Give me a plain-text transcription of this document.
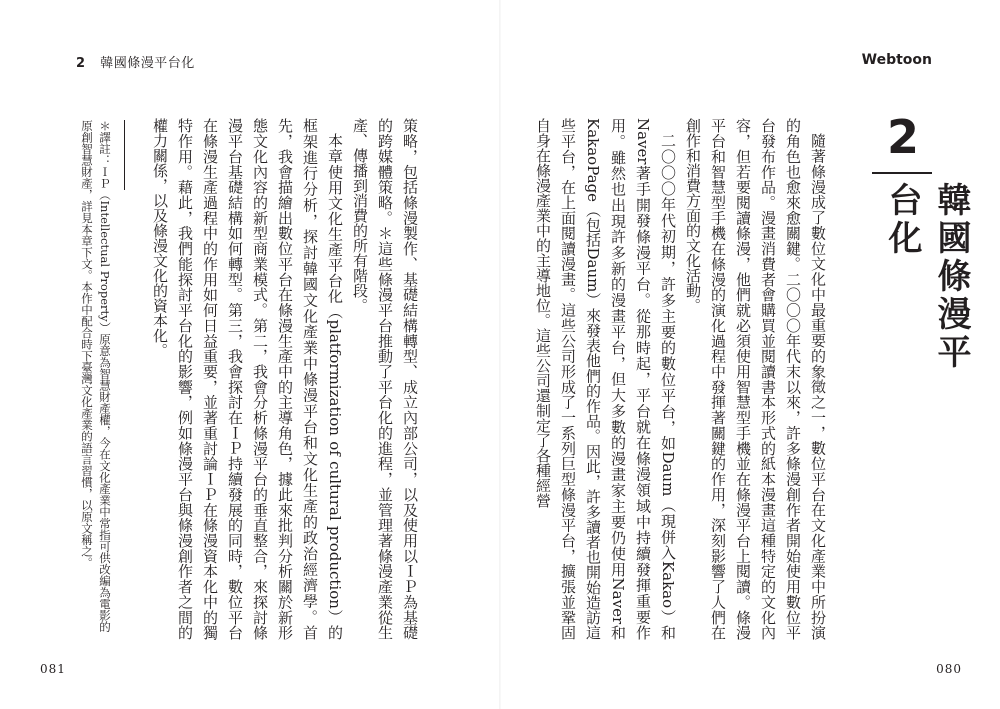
2 韓國條漫平台化
＊譯註：ＩＰ（Intellectual Property）原意為智慧財產權，今在文化產業中常指可供改編為電影的原創智慧財產，詳見本章下文。本作中配合時下臺灣文化產業的語言習慣，以原文稱之。	策略，包括條漫製作、基礎結構轉型、成立內部公司，以及使用以ＩＰ為基礎的跨媒體策略。＊這些條漫平台推動了平台化的進程，並管理著條漫產業從生產、傳播到消費的所有階段。

本章使用文化生產平台化（platformization of cultural production）的框架進行分析，探討韓國文化產業中條漫平台和文化生產的政治經濟學。首先，我會描繪出數位平台在條漫生產中的主導角色，據此來批判分析關於新形態文化內容的新型商業模式。第二，我會分析條漫平台的垂直整合，來探討條漫平台基礎結構如何轉型。第三，我會探討在ＩＰ持續發展的同時，數位平台在條漫生產過程中的作用如何日益重要，並著重討論ＩＰ在條漫資本化中的獨特作用。藉此，我們能探討平台化的影響，例如條漫平台與條漫創作者之間的權力關係，以及條漫文化的資本化。

081
Webtoon
2
韓國條漫平台化

隨著條漫成了數位文化中最重要的象徵之一，數位平台在文化產業中所扮演的角色也愈來愈關鍵。二〇〇〇年代末以來，許多條漫創作者開始使用數位平台發布作品。漫畫消費者會購買並閱讀書本形式的紙本漫畫這種特定的文化內容，但若要閱讀條漫，他們就必須使用智慧型手機並在條漫平台上閱讀。條漫平台和智慧型手機在條漫的演化過程中發揮著關鍵的作用，深刻影響了人們在創作和消費方面的文化活動。

二〇〇〇年代初期，許多主要的數位平台，如Daum（現併入Kakao）和Naver著手開發條漫平台。從那時起，平台就在條漫領域中持續發揮重要作用。雖然也出現許多新的漫畫平台，但大多數的漫畫家主要仍使用Naver和KakaoPage（包括Daum）來發表他們的作品。因此，許多讀者也開始造訪這些平台，在上面閱讀漫畫。這些公司形成了一系列巨型條漫平台，擴張並鞏固自身在條漫產業中的主導地位。這些公司還制定了各種經營

080
